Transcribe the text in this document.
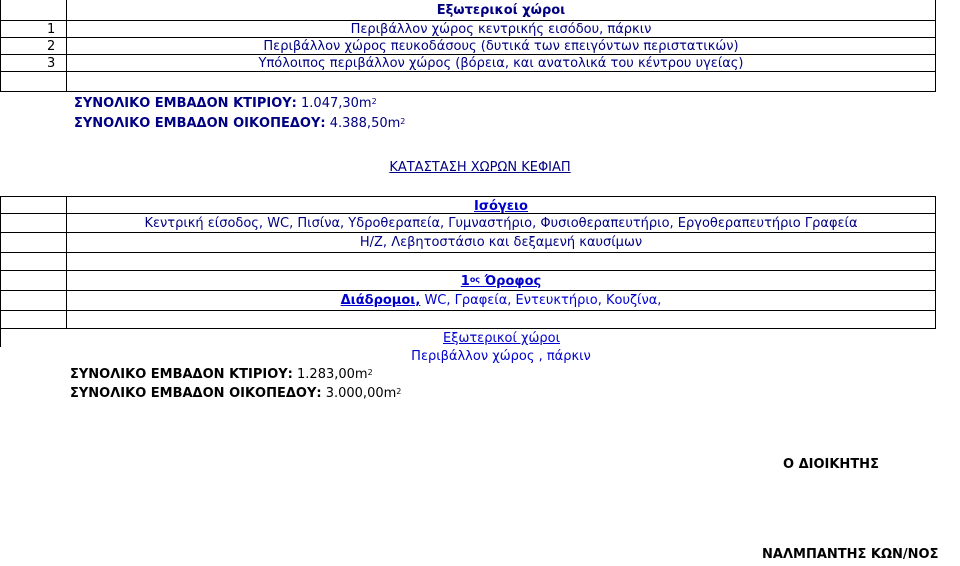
Εξωτερικοί χώροι
1	Περιβάλλον χώρος κεντρικής εισόδου, πάρκιν
2	Περιβάλλον χώρος πευκοδάσους (δυτικά των επειγόντων περιστατικών)
3	Υπόλοιπος περιβάλλον χώρος (βόρεια, και ανατολικά του κέντρου υγείας)
ΣΥΝΟΛΙΚΟ ΕΜΒΑΔΟΝ ΚΤΙΡΙΟΥ: $1.047,30m^2$
ΣΥΝΟΛΙΚΟ ΕΜΒΑΔΟΝ ΟΙΚΟΠΕΔΟΥ: $4.388,50m^2$
ΚΑΤΑΣΤΑΣΗ ΧΩΡΩΝ ΚΕΦΙΑΠ
Ισόγειο
Κεντρική είσοδος, WC, Πισίνα, Υδροθεραπεία, Γυμναστήριο, Φυσιοθεραπευτήριο, Εργοθεραπευτήριο Γραφεία
Η/Ζ, Λεβητοστάσιο και δεξαμενή καυσίμων
$1^{o\varsigma}$ Όροφος
Διάδρομοι, WC, Γραφεία, Εντευκτήριο, Κουζίνα,
Εξωτερικοί χώροι
Περιβάλλον χώρος , πάρκιν
ΣΥΝΟΛΙΚΟ ΕΜΒΑΔΟΝ ΚΤΙΡΙΟΥ: $1.283,00m^2$
ΣΥΝΟΛΙΚΟ ΕΜΒΑΔΟΝ ΟΙΚΟΠΕΔΟΥ: $3.000,00m^2$
Ο ΔΙΟΙΚΗΤΗΣ
ΝΑΛΜΠΑΝΤΗΣ ΚΩΝ/ΝΟΣ
